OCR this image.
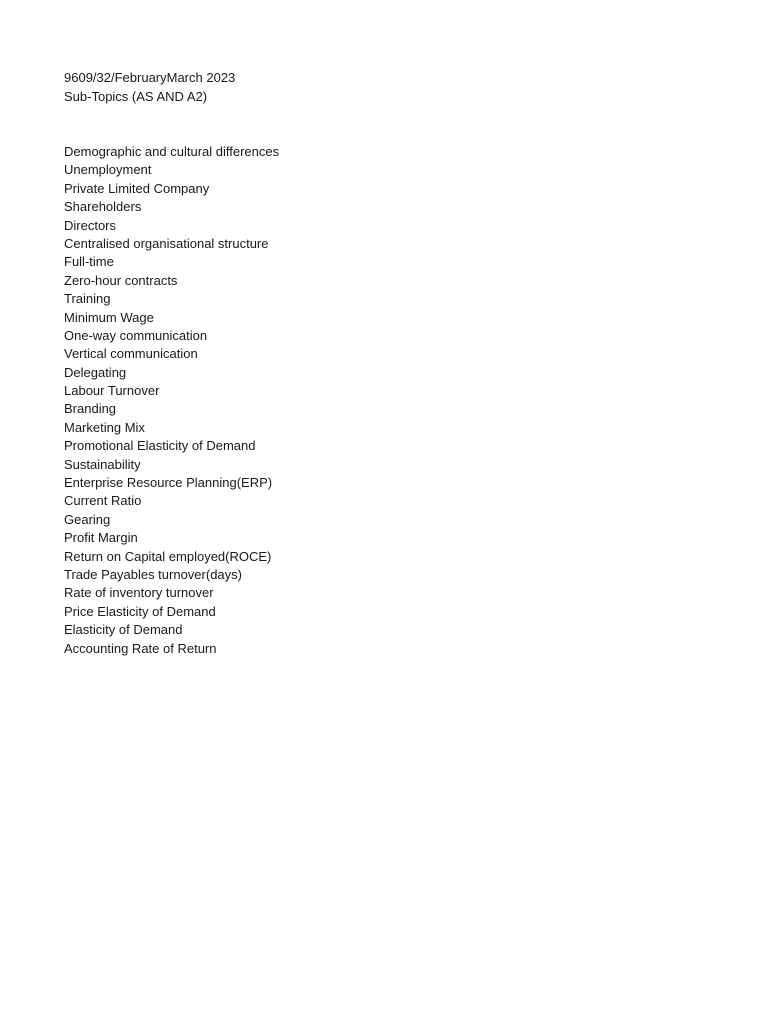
9609/32/FebruaryMarch 2023
Sub-Topics (AS AND A2)
Demographic and cultural differences
Unemployment
Private Limited Company
Shareholders
Directors
Centralised organisational structure
Full-time
Zero-hour contracts
Training
Minimum Wage
One-way communication
Vertical communication
Delegating
Labour Turnover
Branding
Marketing Mix
Promotional Elasticity of Demand
Sustainability
Enterprise Resource Planning(ERP)
Current Ratio
Gearing
Profit Margin
Return on Capital employed(ROCE)
Trade Payables turnover(days)
Rate of inventory turnover
Price Elasticity of Demand
Elasticity of Demand
Accounting Rate of Return
